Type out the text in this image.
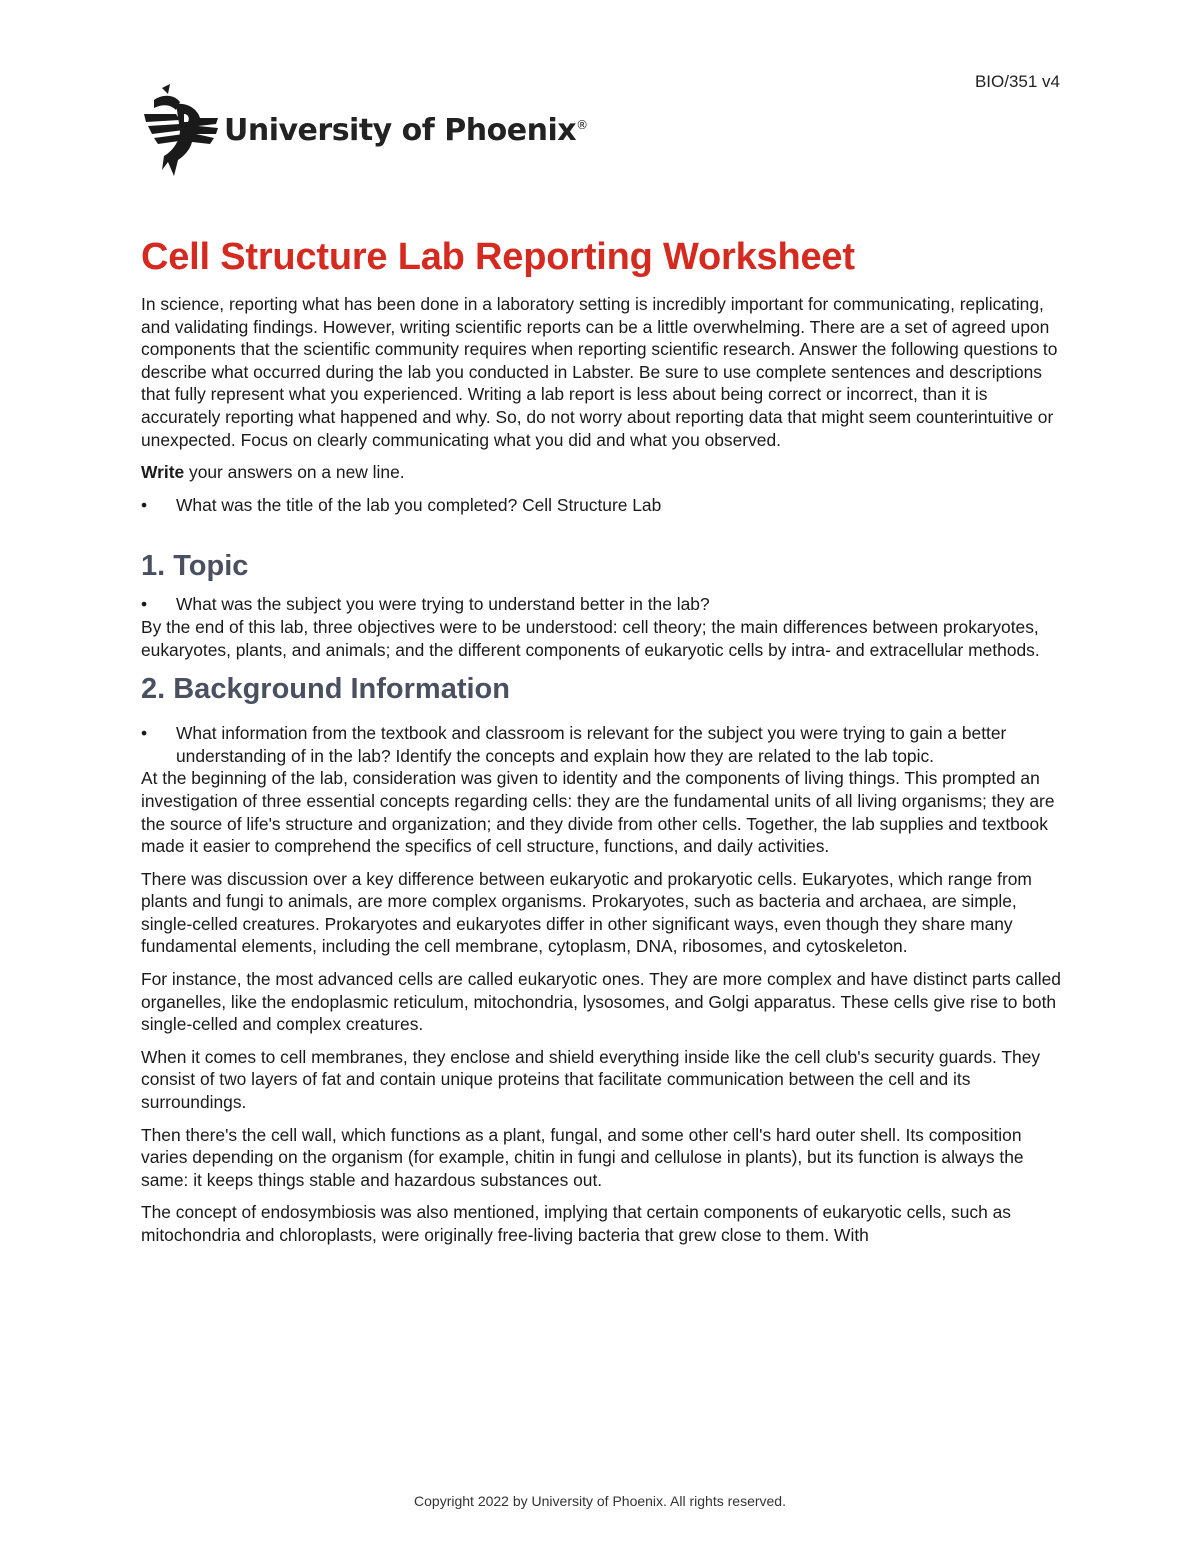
BIO/351 v4
University of Phoenix®
Cell Structure Lab Reporting Worksheet

In science, reporting what has been done in a laboratory setting is incredibly important for communicating, replicating, and validating findings. However, writing scientific reports can be a little overwhelming. There are a set of agreed upon components that the scientific community requires when reporting scientific research. Answer the following questions to describe what occurred during the lab you conducted in Labster. Be sure to use complete sentences and descriptions that fully represent what you experienced. Writing a lab report is less about being correct or incorrect, than it is accurately reporting what happened and why. So, do not worry about reporting data that might seem counterintuitive or unexpected. Focus on clearly communicating what you did and what you observed.

Write your answers on a new line.

•	What was the title of the lab you completed? Cell Structure Lab
1. Topic
•	What was the subject you were trying to understand better in the lab?

By the end of this lab, three objectives were to be understood: cell theory; the main differences between prokaryotes, eukaryotes, plants, and animals; and the different components of eukaryotic cells by intra- and extracellular methods.

2. Background Information
•	What information from the textbook and classroom is relevant for the subject you were trying to gain a better understanding of in the lab? Identify the concepts and explain how they are related to the lab topic.

At the beginning of the lab, consideration was given to identity and the components of living things. This prompted an investigation of three essential concepts regarding cells: they are the fundamental units of all living organisms; they are the source of life's structure and organization; and they divide from other cells. Together, the lab supplies and textbook made it easier to comprehend the specifics of cell structure, functions, and daily activities.

There was discussion over a key difference between eukaryotic and prokaryotic cells. Eukaryotes, which range from plants and fungi to animals, are more complex organisms. Prokaryotes, such as bacteria and archaea, are simple, single-celled creatures. Prokaryotes and eukaryotes differ in other significant ways, even though they share many fundamental elements, including the cell membrane, cytoplasm, DNA, ribosomes, and cytoskeleton.

For instance, the most advanced cells are called eukaryotic ones. They are more complex and have distinct parts called organelles, like the endoplasmic reticulum, mitochondria, lysosomes, and Golgi apparatus. These cells give rise to both single-celled and complex creatures.

When it comes to cell membranes, they enclose and shield everything inside like the cell club's security guards. They consist of two layers of fat and contain unique proteins that facilitate communication between the cell and its surroundings.

Then there's the cell wall, which functions as a plant, fungal, and some other cell's hard outer shell. Its composition varies depending on the organism (for example, chitin in fungi and cellulose in plants), but its function is always the same: it keeps things stable and hazardous substances out.

The concept of endosymbiosis was also mentioned, implying that certain components of eukaryotic cells, such as mitochondria and chloroplasts, were originally free-living bacteria that grew close to them. With

Copyright 2022 by University of Phoenix. All rights reserved.
